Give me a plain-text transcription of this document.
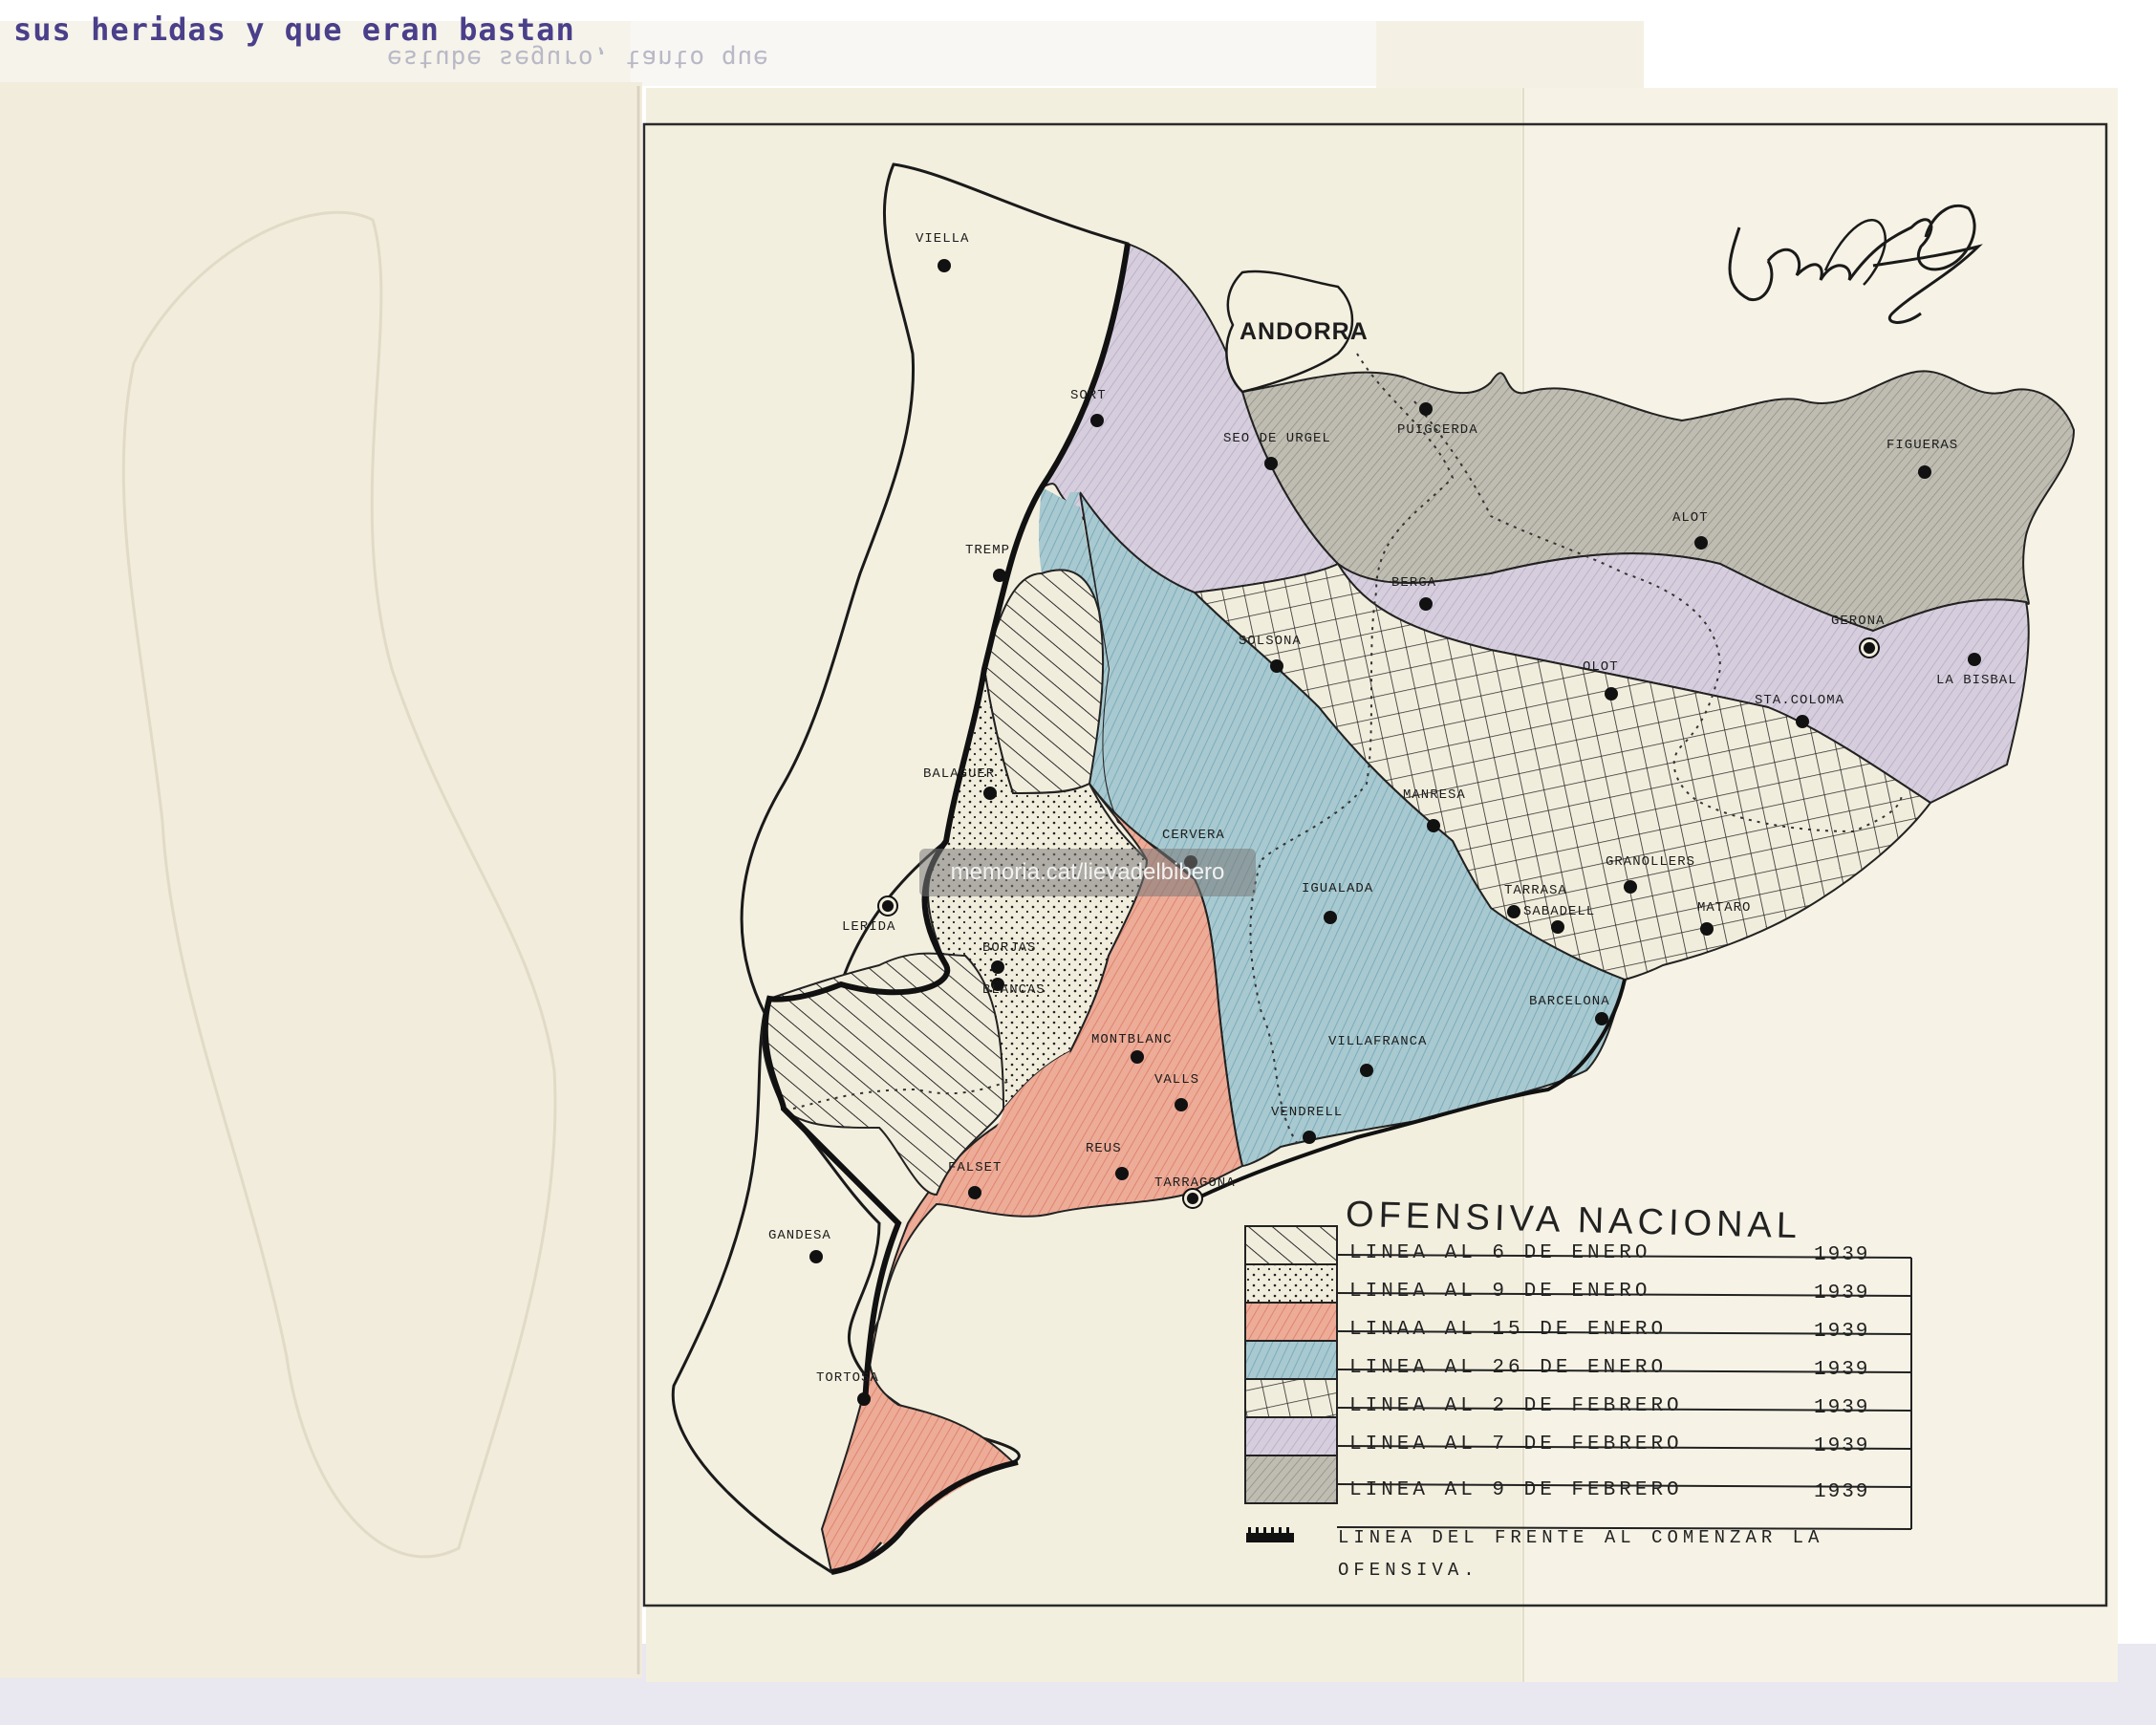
sus heridas y que eran bastan
estube seguro, tanto que
ANDORRA
VIELLA
SORT
SEO DE URGEL
PUIGCERDA
FIGUERAS
ALOT
BERGA
GERONA
LA BISBAL
TREMP
SOLSONA
OLOT
STA.COLOMA
BALAGUER
MANRESA
GRANOLLERS
CERVERA
IGUALADA	TARRASA
SABADELL	MATARO
LERIDA
BORJAS
BLANCAS
BARCELONA
MONTBLANC
VALLS
VILLAFRANCA
VENDRELL
FALSET
REUS
TARRAGONA
GANDESA
TORTOSA
OFENSIVA NACIONAL
LINEA AL 6 DE ENERO	1939
LINEA AL 9 DE ENERO	1939
LINAA AL 15 DE ENERO	1939
LINEA AL 26 DE ENERO	1939
LINEA AL 2 DE FEBRERO	1939
LINEA AL 7 DE FEBRERO	1939
LINEA AL 9 DE FEBRERO	1939
LINEA DEL FRENTE AL COMENZAR LA
OFENSIVA.
memoria.cat/lievadelbibero
